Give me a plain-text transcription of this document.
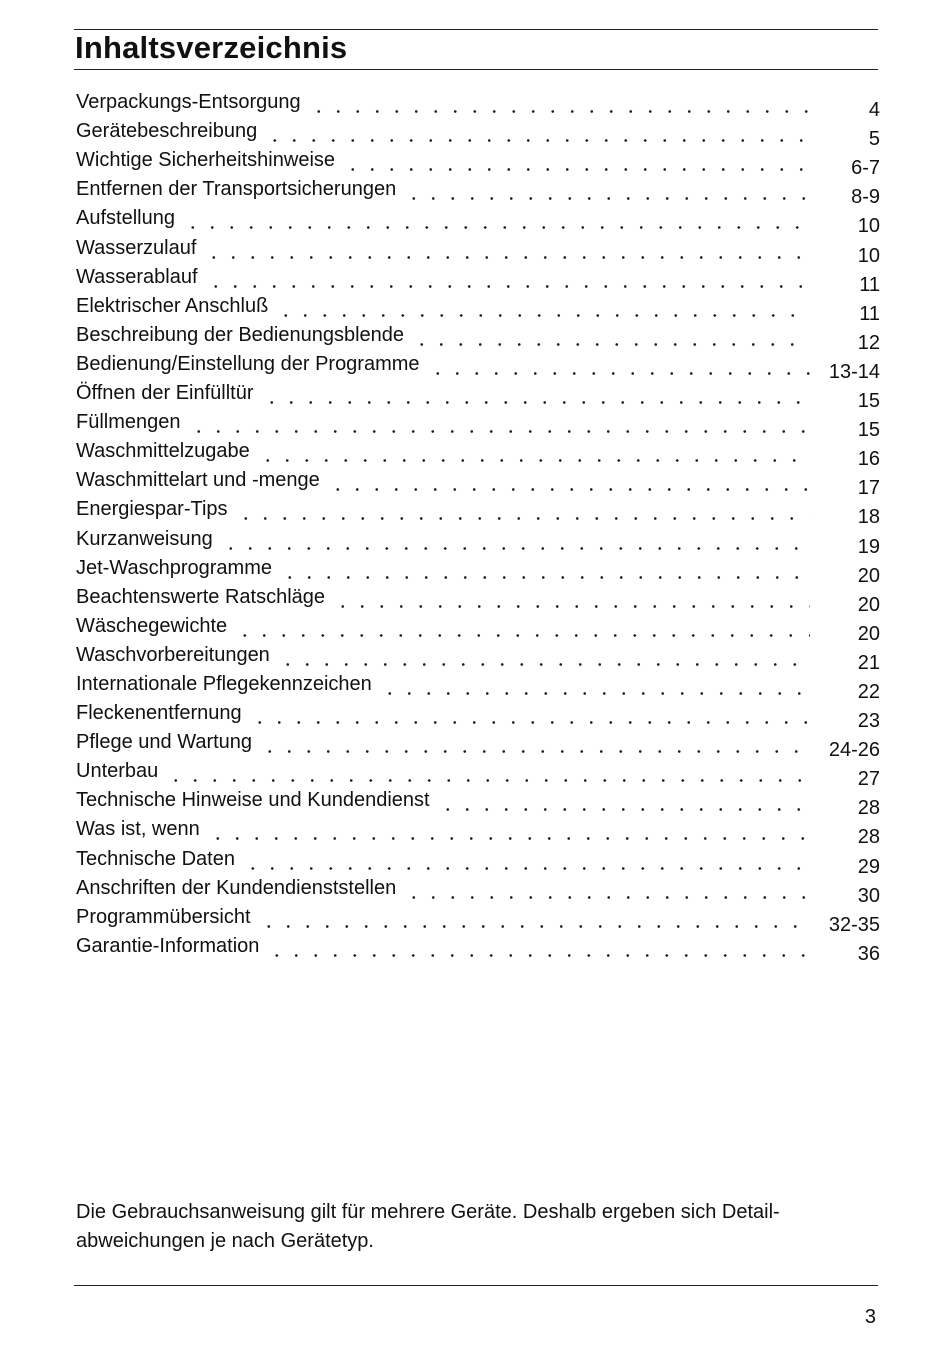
Inhaltsverzeichnis
Verpackungs-Entsorgung	4
Gerätebeschreibung	5
Wichtige Sicherheitshinweise	6-7
Entfernen der Transportsicherungen	8-9
Aufstellung	10
Wasserzulauf	10
Wasserablauf	11
Elektrischer Anschluß	11
Beschreibung der Bedienungsblende	12
Bedienung/Einstellung der Programme	13-14
Öffnen der Einfülltür	15
Füllmengen	15
Waschmittelzugabe	16
Waschmittelart und -menge	17
Energiespar-Tips	18
Kurzanweisung	19
Jet-Waschprogramme	20
Beachtenswerte Ratschläge	20
Wäschegewichte	20
Waschvorbereitungen	21
Internationale Pflegekennzeichen	22
Fleckenentfernung	23
Pflege und Wartung	24-26
Unterbau	27
Technische Hinweise und Kundendienst	28
Was ist, wenn	28
Technische Daten	29
Anschriften der Kundendienststellen	30
Programmübersicht	32-35
Garantie-Information	36

Die Gebrauchsanweisung gilt für mehrere Geräte. Deshalb ergeben sich Detail-
abweichungen je nach Gerätetyp.

3
